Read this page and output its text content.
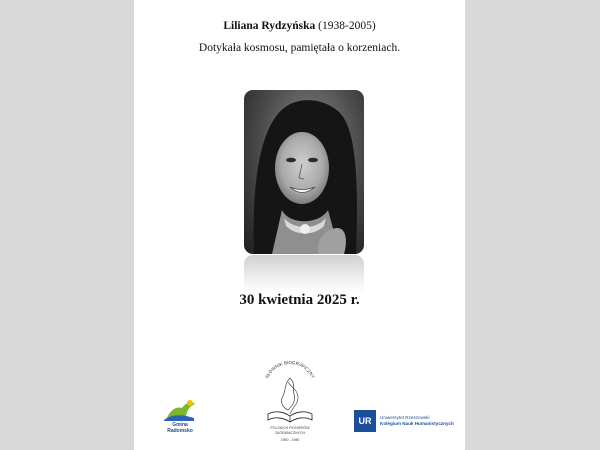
Liliana Rydzyńska (1938-2005)
Dotykała kosmosu, pamiętała o korzeniach.
30 kwietnia 2025 r.
Gmina
Radomsko
SŁOWNIK BIOGRAFICZNY
POLSKICH PIONIERÓW
ZAGRANICZNYCH
1950 - 1980
UR	Uniwersytet Rzeszowski
Kolegium Nauk Humanistycznych
